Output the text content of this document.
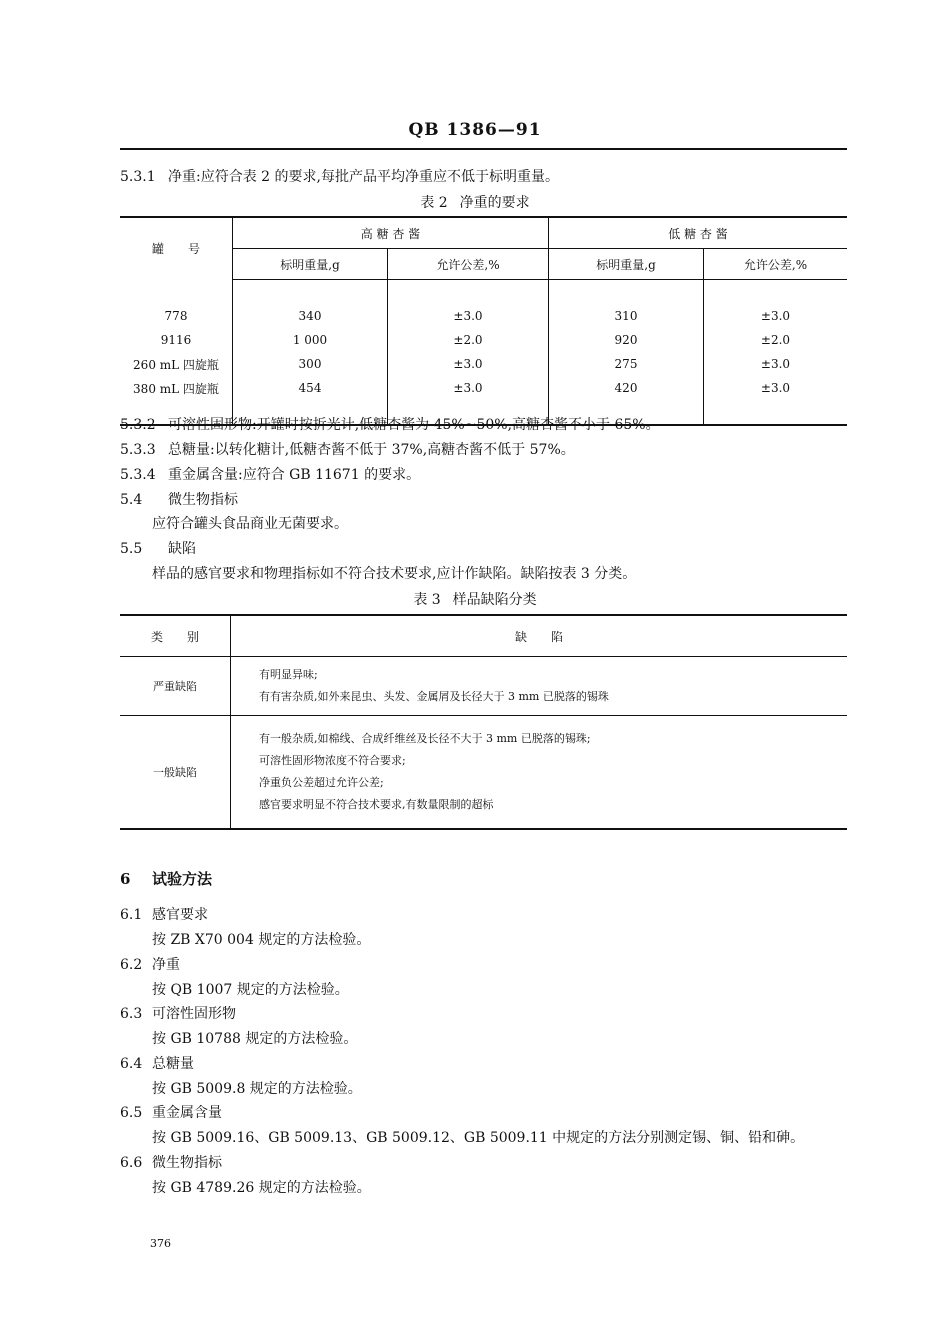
QB 1386—91
5.3.1 净重:应符合表 2 的要求,每批产品平均净重应不低于标明重量。
表 2 净重的要求
罐　　号	高 糖 杏 酱		低 糖 杏 酱	
	标明重量,g	允许公差,%	标明重量,g	允许公差,%

778	340	±3.0	310	±3.0
9116	1 000	±2.0	920	±2.0
260 mL 四旋瓶	300	±3.0	275	±3.0
380 mL 四旋瓶	454	±3.0	420	±3.0

5.3.2 可溶性固形物:开罐时按折光计,低糖杏酱为 45%~50%,高糖杏酱不小于 65%。
5.3.3 总糖量:以转化糖计,低糖杏酱不低于 37%,高糖杏酱不低于 57%。
5.3.4 重金属含量:应符合 GB 11671 的要求。
5.4 微生物指标
应符合罐头食品商业无菌要求。
5.5 缺陷
样品的感官要求和物理指标如不符合技术要求,应计作缺陷。缺陷按表 3 分类。
表 3 样品缺陷分类
类　　别	缺　　陷
严重缺陷	有明显异味;
有有害杂质,如外来昆虫、头发、金属屑及长径大于 3 mm 已脱落的锡珠

一般缺陷	有一般杂质,如棉线、合成纤维丝及长径不大于 3 mm 已脱落的锡珠;
可溶性固形物浓度不符合要求;
净重负公差超过允许公差;
感官要求明显不符合技术要求,有数量限制的超标
6 试验方法
6.1 感官要求
按 ZB X70 004 规定的方法检验。
6.2 净重
按 QB 1007 规定的方法检验。
6.3 可溶性固形物
按 GB 10788 规定的方法检验。
6.4 总糖量
按 GB 5009.8 规定的方法检验。
6.5 重金属含量
按 GB 5009.16、GB 5009.13、GB 5009.12、GB 5009.11 中规定的方法分别测定锡、铜、铅和砷。
6.6 微生物指标
按 GB 4789.26 规定的方法检验。
376
